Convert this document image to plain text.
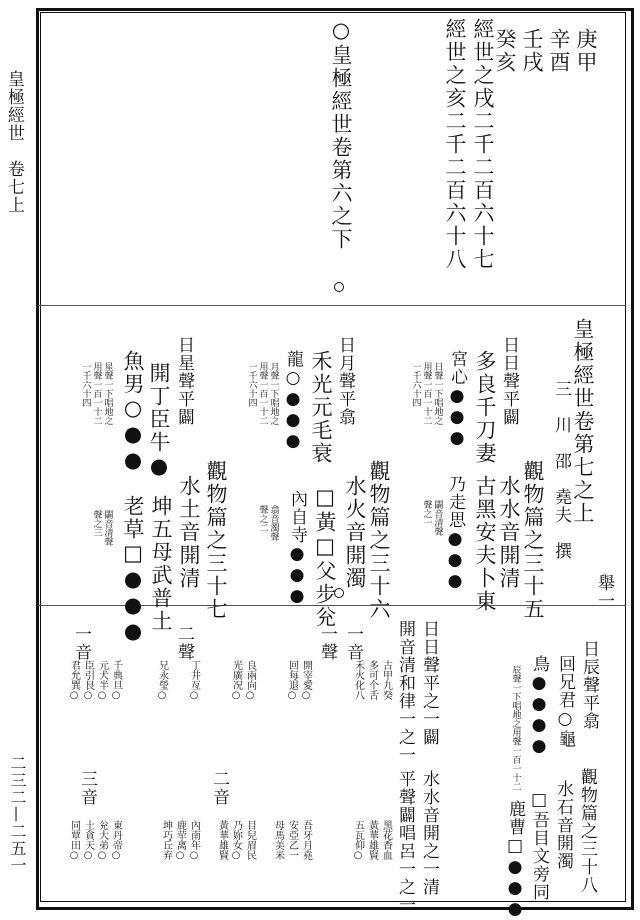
皇極經世　卷七上
二三二—二五一
庚甲
辛酉
壬戌
癸亥
經世之戌二千二百六十七
經世之亥二千二百六十八
○皇極經世卷第六之下
皇極經世卷第七之上
三　川　邵　堯夫　撰
舉一
觀物篇之三十五
水水音開清
日日聲平闢
多良千刀妻
宮心●●●
古黑安夫卜東
乃走思●●●
日聲一下唱地之
用聲一百一十二
一千六十四
闢音清聲
聲之一
觀物篇之三十六
水火音開濁
日月聲平翕
禾光元毛衰
龍○●●●
□黃□父步兊
內自寺●●●
月聲一下唱地之
用聲一百一十二
一千六十四
翕音濁聲
聲之二
觀物篇之三十七
水土音開清
日星聲平闢
開丁臣牛●
魚男○●●
坤五母武普土
老草□●●●
星聲一下唱地之
用聲一百一十二
一千六十四
闢音清聲
聲之三
日辰聲平翕
回兄君○龜
鳥●●●●
辰聲一下唱地之用聲一百一十二
觀物篇之三十八
水石音開濁
□吾目文旁同
鹿曹□●●●
水水音開之一清
平聲闢唱呂一之一
日日聲平之一闢
開音清和律一之一
一聲 一音
二聲
二音
三音
一音
古甲九癸
多可个舌
禾火化八
開宰愛○
回每退○
良兩向○
光廣况○
丁井亙○
兄永瑩○
千典旦○
元犬半○
臣引艮○
君允巽○
黑花香血
黃華雄賢
五瓦仰○
吾牙月堯
安亞乙一
母馬美米
目兒眉民
乃妳女○
黃華雄賢
內南年○
鹿荦离○
坤巧丘弃
東丹帝○
兊大弟○
土貪天○
同覃田○
